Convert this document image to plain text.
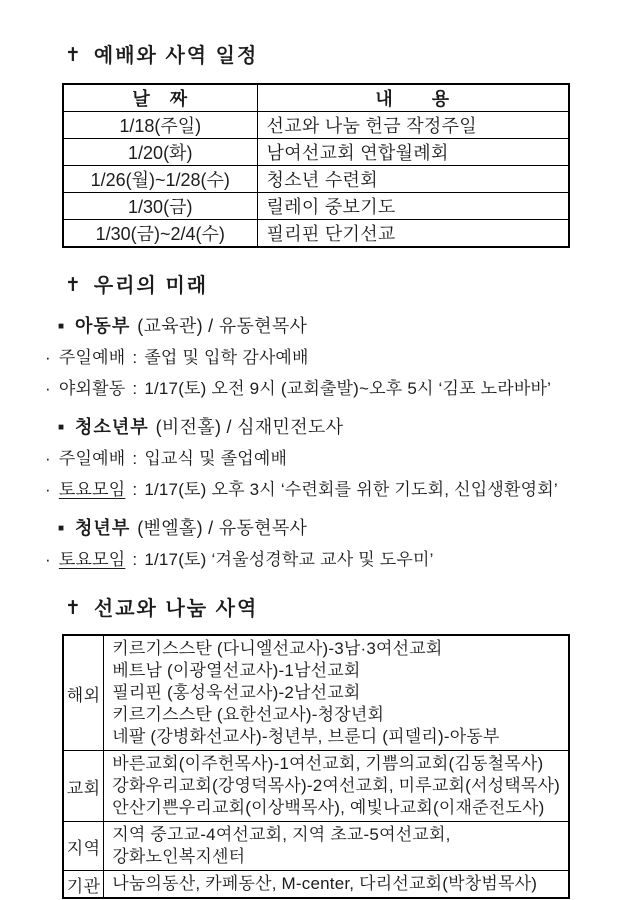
✝ 예배와 사역 일정
날　짜	내　　용
1/18(주일)	선교와 나눔 헌금 작정주일
1/20(화)	남여선교회 연합월례회
1/26(월)~1/28(수)	청소년 수련회
1/30(금)	릴레이 중보기도
1/30(금)~2/4(수)	필리핀 단기선교
✝ 우리의 미래
■ 아동부 (교육관) / 유동현목사
· 주일예배 : 졸업 및 입학 감사예배
· 야외활동 : 1/17(토) 오전 9시 (교회출발)~오후 5시 ‘김포 노라바바’
■ 청소년부 (비전홀) / 심재민전도사
· 주일예배 : 입교식 및 졸업예배
· 토요모임 : 1/17(토) 오후 3시 ‘수련회를 위한 기도회, 신입생환영회’
■ 청년부 (벧엘홀) / 유동현목사
· 토요모임 : 1/17(토) ‘겨울성경학교 교사 및 도우미’
✝ 선교와 나눔 사역
해외	키르기스스탄 (다니엘선교사)-3남·3여선교회
베트남 (이광열선교사)-1남선교회
필리핀 (홍성욱선교사)-2남선교회
키르기스스탄 (요한선교사)-청장년회
네팔 (강병화선교사)-청년부, 브룬디 (피델리)-아동부

교회	바른교회(이주헌목사)-1여선교회, 기쁨의교회(김동철목사)
강화우리교회(강영덕목사)-2여선교회, 미루교회(서성택목사)
안산기쁜우리교회(이상백목사), 예빛나교회(이재준전도사)

지역	지역 중고교-4여선교회, 지역 초교-5여선교회,
강화노인복지센터

기관	나눔의동산, 카페동산, M-center, 다리선교회(박창범목사)
